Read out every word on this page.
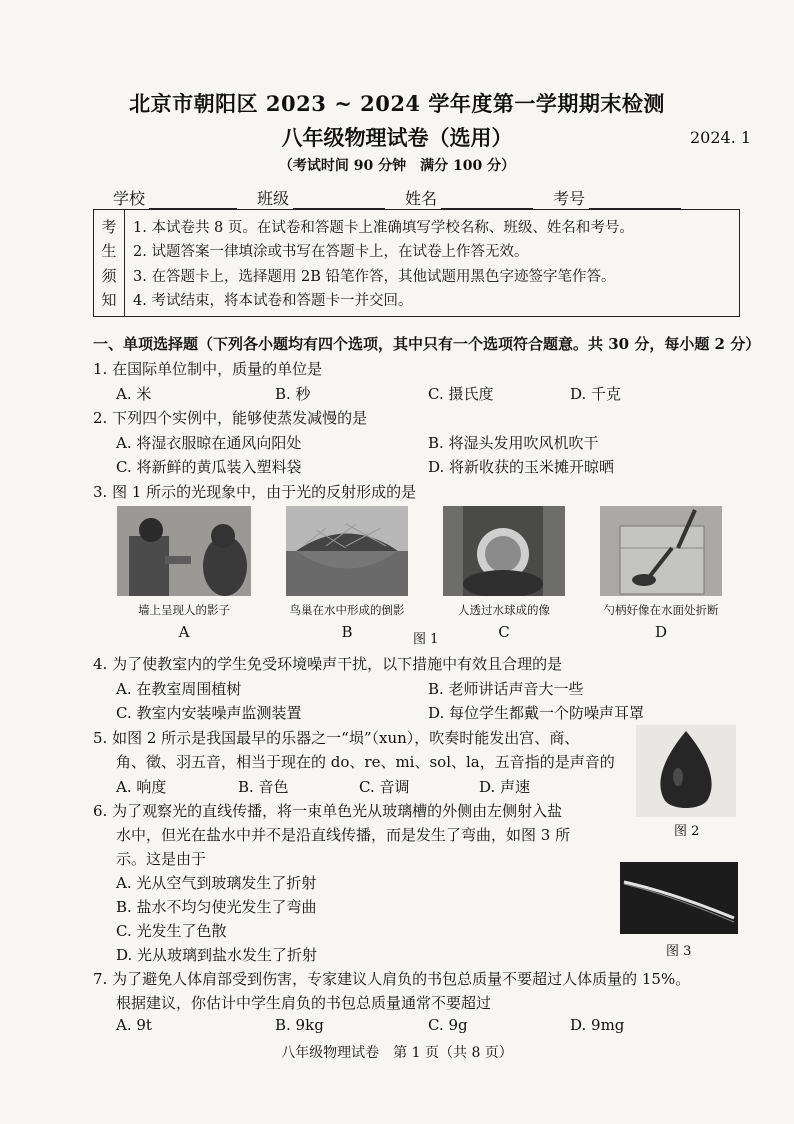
北京市朝阳区 2023 ~ 2024 学年度第一学期期末检测
八年级物理试卷（选用）	2024. 1
（考试时间 90 分钟　满分 100 分）
学校	班级	姓名	考号
考
生
须
知
1. 本试卷共 8 页。在试卷和答题卡上准确填写学校名称、班级、姓名和考号。
2. 试题答案一律填涂或书写在答题卡上，在试卷上作答无效。
3. 在答题卡上，选择题用 2B 铅笔作答，其他试题用黑色字迹签字笔作答。
4. 考试结束，将本试卷和答题卡一并交回。
一、单项选择题（下列各小题均有四个选项，其中只有一个选项符合题意。共 30 分，每小题 2 分）
1. 在国际单位制中，质量的单位是
A. 米	B. 秒	C. 摄氏度	D. 千克
2. 下列四个实例中，能够使蒸发减慢的是
A. 将湿衣服晾在通风向阳处	B. 将湿头发用吹风机吹干
C. 将新鲜的黄瓜装入塑料袋	D. 将新收获的玉米摊开晾晒
3. 图 1 所示的光现象中，由于光的反射形成的是
墙上呈现人的影子	鸟巢在水中形成的倒影	人透过水球成的像	勺柄好像在水面处折断
A	B	C	D
图 1
4. 为了使教室内的学生免受环境噪声干扰，以下措施中有效且合理的是
A. 在教室周围植树	B. 老师讲话声音大一些
C. 教室内安装噪声监测装置	D. 每位学生都戴一个防噪声耳罩
5. 如图 2 所示是我国最早的乐器之一“埙”（xun），吹奏时能发出宫、商、
角、徵、羽五音，相当于现在的 do、re、mi、sol、la，五音指的是声音的
A. 响度	B. 音色	C. 音调	D. 声速
图 2
6. 为了观察光的直线传播，将一束单色光从玻璃槽的外侧由左侧射入盐
水中，但光在盐水中并不是沿直线传播，而是发生了弯曲，如图 3 所
示。这是由于
A. 光从空气到玻璃发生了折射
B. 盐水不均匀使光发生了弯曲
C. 光发生了色散
D. 光从玻璃到盐水发生了折射	图 3
7. 为了避免人体肩部受到伤害，专家建议人肩负的书包总质量不要超过人体质量的 15%。
根据建议，你估计中学生肩负的书包总质量通常不要超过
A. 9t	B. 9kg	C. 9g	D. 9mg
八年级物理试卷　第 1 页（共 8 页）
